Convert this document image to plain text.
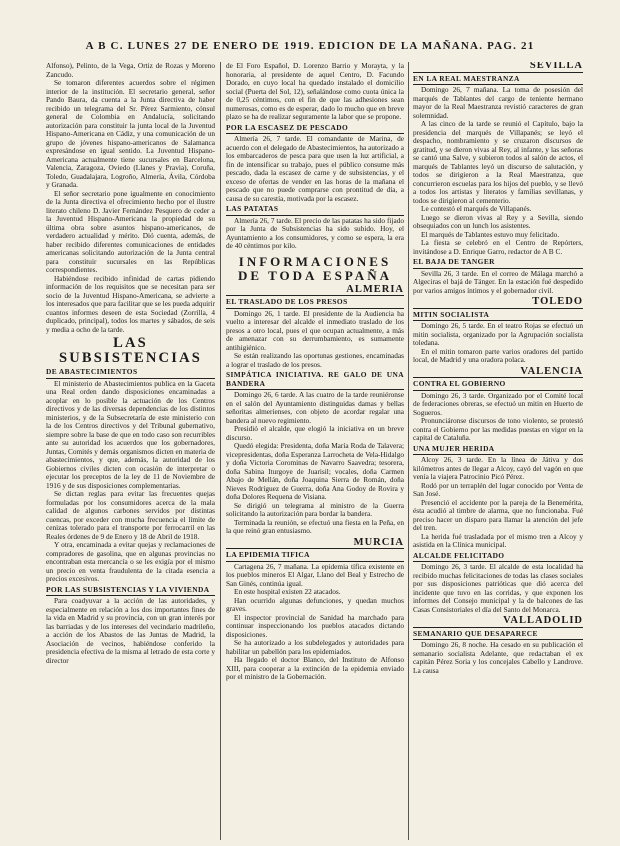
A B C. LUNES 27 DE ENERO DE 1919. EDICION DE LA MAÑANA. PAG. 21

Alfonso), Pelinto, de la Vega, Ortiz de Rozas y Moreno Zancudo.

Se tomaron diferentes acuerdos sobre el régimen interior de la institución. El secretario general, señor Pando Baura, da cuenta a la Junta directiva de haber recibido un telegrama del Sr. Pérez Sarmiento, cónsul general de Colombia en Andalucía, solicitando autorización para constituir la junta local de la Juventud Hispano-Americana en Cádiz, y una comunicación de un grupo de jóvenes hispano-americanos de Salamanca expresándose en igual sentido. La Juventud Hispano-Americana actualmente tiene sucursales en Barcelona, Valencia, Zaragoza, Oviedo (Llanes y Pravia), Coruña, Toledo, Guadalajara, Logroño, Almería, Ávila, Córdoba y Granada.

El señor secretario pone igualmente en conocimiento de la Junta directiva el ofrecimiento hecho por el ilustre literato chileno D. Javier Fernández Pesquero de ceder a la Juventud Hispano-Americana la propiedad de su última obra sobre asuntos hispano-americanos, de verdadero actualidad y mérito. Dió cuenta, además, de haber recibido diferentes comunicaciones de entidades americanas solicitando autorización de la Junta central para constituir sucursales en las Repúblicas correspondientes.

Habiéndose recibido infinidad de cartas pidiendo información de los requisitos que se necesitan para ser socio de la Juventud Hispano-Americana, se advierte a los interesados que para facilitar que se les pueda adquirir cuantos informes deseen de esta Sociedad (Zorrilla, 4 duplicado, principal), todos los martes y sábados, de seis y media a ocho de la tarde.

LAS SUBSISTENCIAS
DE ABASTECIMIENTOS

El ministerio de Abastecimientos publica en la Gaceta una Real orden dando disposiciones encaminadas a acoplar en lo posible la actuación de los Centros directivos y de las diversas dependencias de los distintos ministerios, y de la Subsecretaría de este ministerio con la de los Centros directivos y del Tribunal gubernativo, siempre sobre la base de que en todo caso son recurribles ante su autoridad los acuerdos que los gobernadores, Juntas, Comités y demás organismos dicten en materia de abastecimientos, y que, además, la autoridad de los Gobiernos civiles dicten con ocasión de interpretar o ejecutar los preceptos de la ley de 11 de Noviembre de 1916 y de sus disposiciones complementarias.

Se dictan reglas para evitar las frecuentes quejas formuladas por los consumidores acerca de la mala calidad de algunos carbones servidos por distintas cuencas, por exceder con mucha frecuencia el límite de cenizas tolerado para el transporte por ferrocarril en las Reales órdenes de 9 de Enero y 18 de Abril de 1918.

Y otra, encaminada a evitar quejas y reclamaciones de compradores de gasolina, que en algunas provincias no encontraban esta mercancía o se les exigía por el mismo un precio en venta fraudulenta de la citada esencia a precios excesivos.

POR LAS SUBSISTENCIAS Y LA VIVIENDA

Para coadyuvar a la acción de las autoridades, y especialmente en relación a los dos importantes fines de la vida en Madrid y su provincia, con un gran interés por las barriadas y de los intereses del vecindario madrileño, a acción de los Abastos de las Juntas de Madrid, la Asociación de vecinos, habiéndose conferido la presidencia efectiva de la misma al letrado de esta corte y director

de El Foro Español, D. Lorenzo Barrio y Morayta, y la honoraria, al presidente de aquel Centro, D. Facundo Dorado, en cuyo local ha quedado instalado el domicilio social (Puerta del Sol, 12), señalándose como cuota única la de 0,25 céntimos, con el fin de que las adhesiones sean numerosas, como es de esperar, dado lo mucho que en breve plazo se ha de realizar seguramente la labor que se propone.

POR LA ESCASEZ DE PESCADO

Almería 26, 7 tarde. El comandante de Marina, de acuerdo con el delegado de Abastecimientos, ha autorizado a los embarcaderos de pesca para que usen la luz artificial, a fin de intensificar su trabajo, pues el público consume más pescado, dada la escasez de carne y de subsistencias, y el exceso de ofertas de vender en las horas de la mañana el pescado que no puede comprarse con prontitud de día, a causa de su carestía, motivada por la escasez.

LAS PATATAS

Almería 26, 7 tarde. El precio de las patatas ha sido fijado por la Junta de Subsistencias ha sido subido. Hoy, el Ayuntamiento a los consumidores, y como se espera, la era de 40 céntimos por kilo.

INFORMACIONES
DE TODA ESPAÑA
ALMERIA
EL TRASLADO DE LOS PRESOS

Domingo 26, 1 tarde. El presidente de la Audiencia ha vuelto a interesar del alcalde el inmediato traslado de los presos a otro local, pues el que ocupan actualmente, a más de amenazar con su derrumbamiento, es sumamente antihigiénico.

Se están realizando las oportunas gestiones, encaminadas a lograr el traslado de los presos.

SIMPÁTICA INICIATIVA. RE GALO DE UNA BANDERA

Domingo 26, 6 tarde. A las cuatro de la tarde reuniéronse en el salón del Ayuntamiento distinguidas damas y bellas señoritas almerienses, con objeto de acordar regalar una bandera al nuevo regimiento.

Presidió el alcalde, que elogió la iniciativa en un breve discurso.

Quedó elegida: Presidenta, doña María Roda de Talavera; vicepresidentas, doña Esperanza Larrocheta de Vela-Hidalgo y doña Victoria Corominas de Navarro Saavedra; tesorera, doña Sabina Iturgoye de Juarisil; vocales, doña Carmen Abajo de Mellán, doña Joaquina Sierra de Román, doña Nieves Rodríguez de Guerra, doña Ana Godoy de Rovira y doña Dolores Requena de Visiana.

Se dirigió un telegrama al ministro de la Guerra solicitando la autorización para bordar la bandera.

Terminada la reunión, se efectuó una fiesta en la Peña, en la que reinó gran entusiasmo.

MURCIA
LA EPIDEMIA TIFICA

Cartagena 26, 7 mañana. La epidemia tífica existente en los pueblos mineros El Algar, Llano del Beal y Estrecho de San Ginés, continúa igual.

En este hospital existen 22 atacados.

Han ocurrido algunas defunciones, y quedan muchos graves.

El inspector provincial de Sanidad ha marchado para continuar inspeccionando los pueblos atacados dictando disposiciones.

Se ha autorizado a los subdelegados y autoridades para habilitar un pabellón para los epidemiados.

Ha llegado el doctor Blanco, del Instituto de Alfonso XIII, para cooperar a la extinción de la epidemia enviado por el ministro de la Gobernación.

SEVILLA
EN LA REAL MAESTRANZA

Domingo 26, 7 mañana. La toma de posesión del marqués de Tablantes del cargo de teniente hermano mayor de la Real Maestranza revistió caracteres de gran solemnidad.

A las cinco de la tarde se reunió el Capítulo, bajo la presidencia del marqués de Villapanés; se leyó el despacho, nombramiento y se cruzaron discursos de gratitud, y se dieron vivas al Rey, al infante, y las señoras se cantó una Salve, y subieron todos al salón de actos, el marqués de Tablantes leyó un discurso de salutación, y todos se dirigieron a la Real Maestranza, que concurrieron escuelas para los hijos del pueblo, y se llevó a todos los artistas y literatos y familias sevillanas, y todos se dirigieron al cementerio.

Le contestó el marqués de Villapanés.

Luego se dieron vivas al Rey y a Sevilla, siendo obsequiados con un lunch los asistentes.

El marqués de Tablantes estuvo muy felicitado.

La fiesta se celebró en el Centro de Repórters, invitándose a D. Enrique Garro, redactor de A B C.

EL BAJA DE TANGER

Sevilla 26, 3 tarde. En el correo de Málaga marchó a Algeciras el bajá de Tánger. En la estación fué despedido por varios amigos íntimos y el gobernador civil.

TOLEDO
MITIN SOCIALISTA

Domingo 26, 5 tarde. En el teatro Rojas se efectuó un mitin socialista, organizado por la Agrupación socialista toledana.

En el mitin tomaron parte varios oradores del partido local, de Madrid y una oradora polaca.

VALENCIA
CONTRA EL GOBIERNO

Domingo 26, 3 tarde. Organizado por el Comité local de federaciones obreras, se efectuó un mitin en Huerto de Sogueros.

Pronunciáronse discursos de tono violento, se protestó contra el Gobierno por las medidas puestas en vigor en la capital de Cataluña.

UNA MUJER HERIDA

Alcoy 26, 3 tarde. En la línea de Játiva y dos kilómetros antes de llegar a Alcoy, cayó del vagón en que venía la viajera Patrocinio Picó Pérez.

Rodó por un terraplén del lugar conocido por Venta de San José.

Presenció el accidente por la pareja de la Benemérita, ésta acudió al timbre de alarma, que no funcionaba. Fué preciso hacer un disparo para llamar la atención del jefe del tren.

La herida fué trasladada por el mismo tren a Alcoy y asistida en la Clínica municipal.

ALCALDE FELICITADO

Domingo 26, 3 tarde. El alcalde de esta localidad ha recibido muchas felicitaciones de todas las clases sociales por sus disposiciones patrióticas que dió acerca del incidente que tuvo en las corridas, y que exponen los informes del Consejo municipal y la de balcones de las Casas Consistoriales el día del Santo del Monarca.

VALLADOLID
SEMANARIO QUE DESAPARECE

Domingo 26, 8 noche. Ha cesado en su publicación el semanario socialista Adelante, que redactaban el ex capitán Pérez Soria y los concejales Cabello y Landrove. La causa
